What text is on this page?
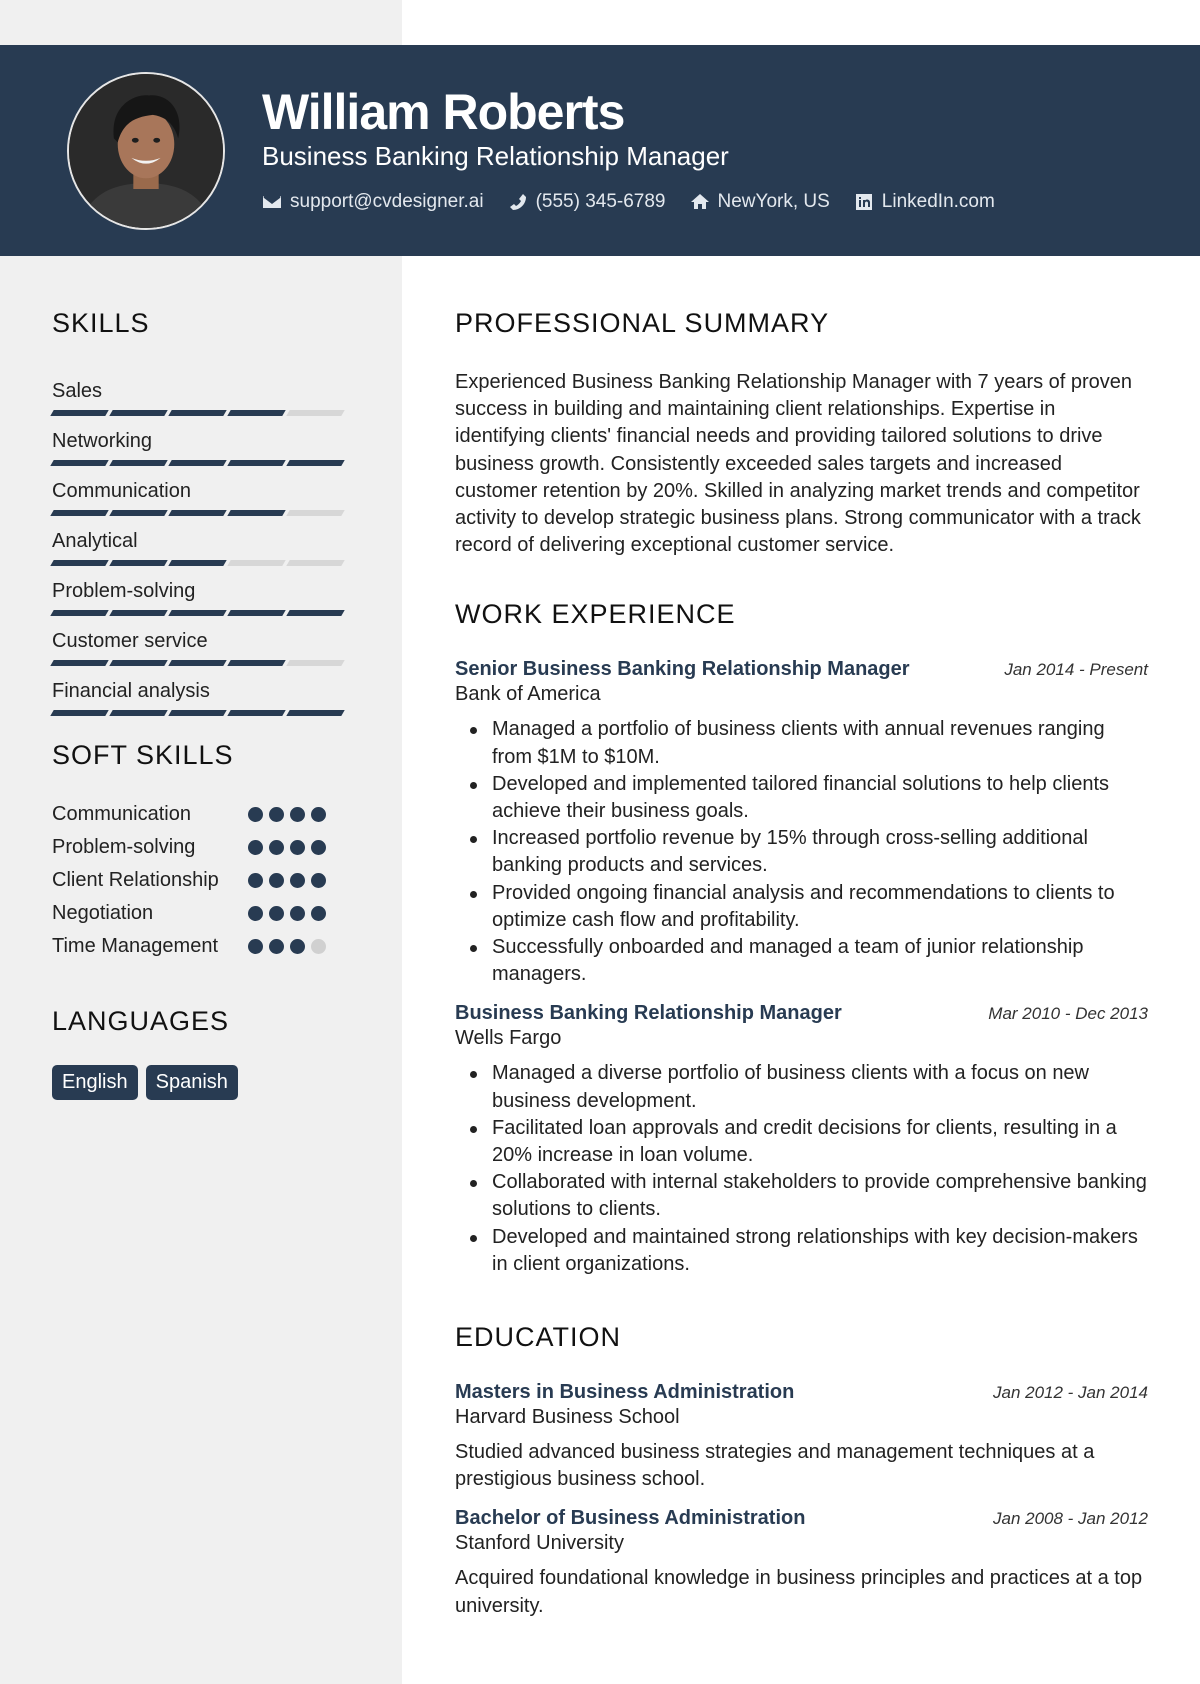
William Roberts
Business Banking Relationship Manager
support@cvdesigner.ai	(555) 345-6789	NewYork, US	LinkedIn.com
SKILLS
Sales
Networking
Communication
Analytical
Problem-solving
Customer service
Financial analysis
SOFT SKILLS
Communication
Problem-solving
Client Relationship
Negotiation
Time Management
LANGUAGES
English	Spanish
PROFESSIONAL SUMMARY
Experienced Business Banking Relationship Manager with 7 years of proven success in building and maintaining client relationships. Expertise in identifying clients' financial needs and providing tailored solutions to drive business growth. Consistently exceeded sales targets and increased customer retention by 20%. Skilled in analyzing market trends and competitor activity to develop strategic business plans. Strong communicator with a track record of delivering exceptional customer service.
WORK EXPERIENCE
Senior Business Banking Relationship Manager	Jan 2014 - Present
Bank of America
Managed a portfolio of business clients with annual revenues ranging from $1M to $10M.
Developed and implemented tailored financial solutions to help clients achieve their business goals.
Increased portfolio revenue by 15% through cross-selling additional banking products and services.
Provided ongoing financial analysis and recommendations to clients to optimize cash flow and profitability.
Successfully onboarded and managed a team of junior relationship managers.
Business Banking Relationship Manager	Mar 2010 - Dec 2013
Wells Fargo
Managed a diverse portfolio of business clients with a focus on new business development.
Facilitated loan approvals and credit decisions for clients, resulting in a 20% increase in loan volume.
Collaborated with internal stakeholders to provide comprehensive banking solutions to clients.
Developed and maintained strong relationships with key decision-makers in client organizations.
EDUCATION
Masters in Business Administration	Jan 2012 - Jan 2014
Harvard Business School
Studied advanced business strategies and management techniques at a prestigious business school.
Bachelor of Business Administration	Jan 2008 - Jan 2012
Stanford University
Acquired foundational knowledge in business principles and practices at a top university.
